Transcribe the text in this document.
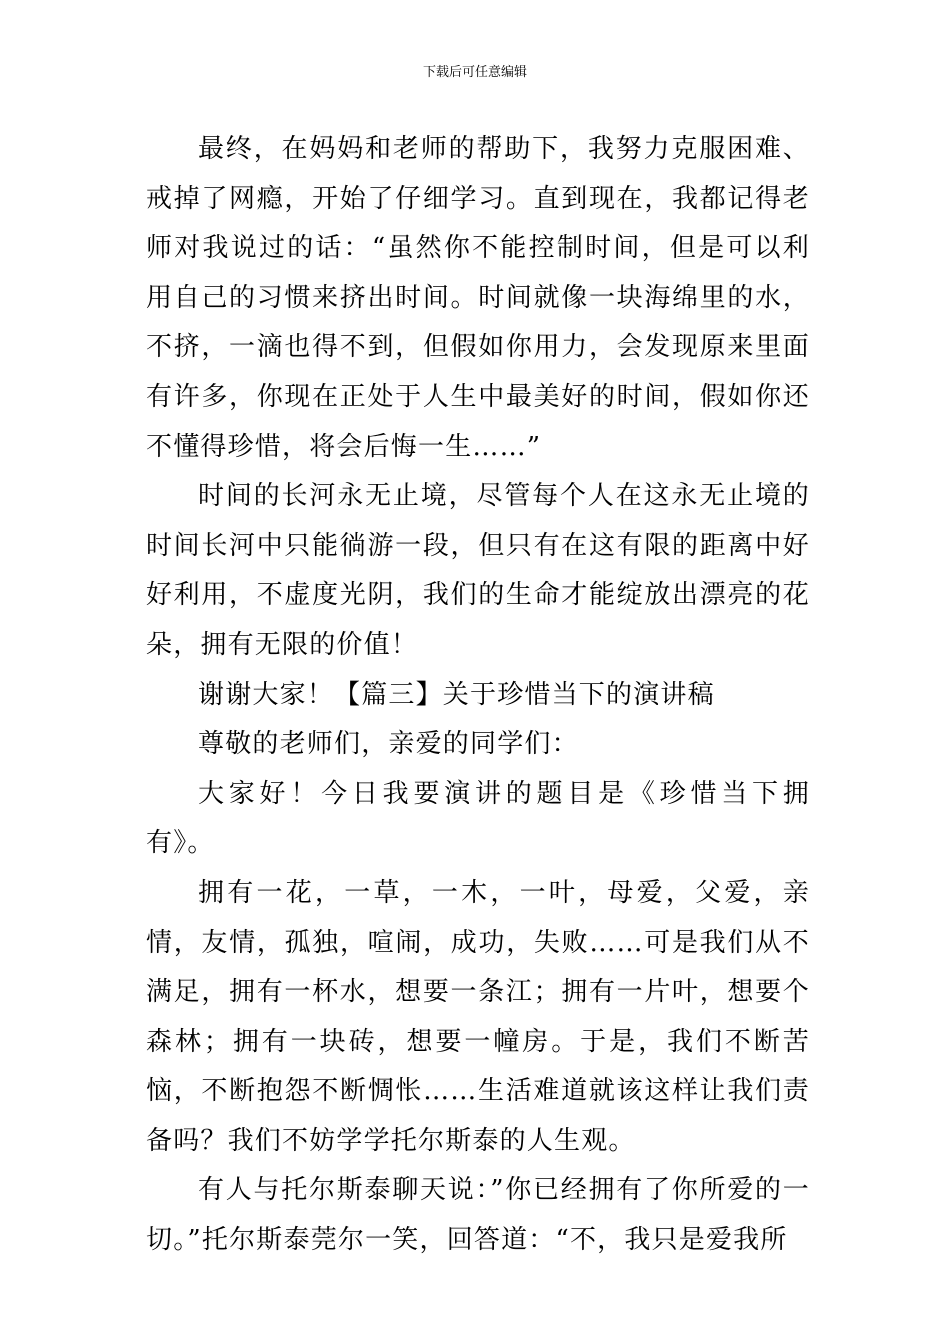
下载后可任意编辑

最终，在妈妈和老师的帮助下，我努力克服困难、戒掉了网瘾，开始了仔细学习。直到现在，我都记得老师对我说过的话：“虽然你不能控制时间，但是可以利用自己的习惯来挤出时间。时间就像一块海绵里的水，不挤，一滴也得不到，但假如你用力，会发现原来里面有许多，你现在正处于人生中最美好的时间，假如你还不懂得珍惜，将会后悔一生……”

时间的长河永无止境，尽管每个人在这永无止境的时间长河中只能徜游一段，但只有在这有限的距离中好好利用，不虚度光阴，我们的生命才能绽放出漂亮的花朵，拥有无限的价值！

谢谢大家！【篇三】关于珍惜当下的演讲稿

尊敬的老师们，亲爱的同学们：

大家好！今日我要演讲的题目是《珍惜当下拥有》。

拥有一花，一草，一木，一叶，母爱，父爱，亲情，友情，孤独，喧闹，成功，失败……可是我们从不满足，拥有一杯水，想要一条江；拥有一片叶，想要个森林；拥有一块砖，想要一幢房。于是，我们不断苦恼，不断抱怨不断惆怅……生活难道就该这样让我们责备吗？我们不妨学学托尔斯泰的人生观。

有人与托尔斯泰聊天说：”你已经拥有了你所爱的一切。”托尔斯泰莞尔一笑，回答道：“不，我只是爱我所
